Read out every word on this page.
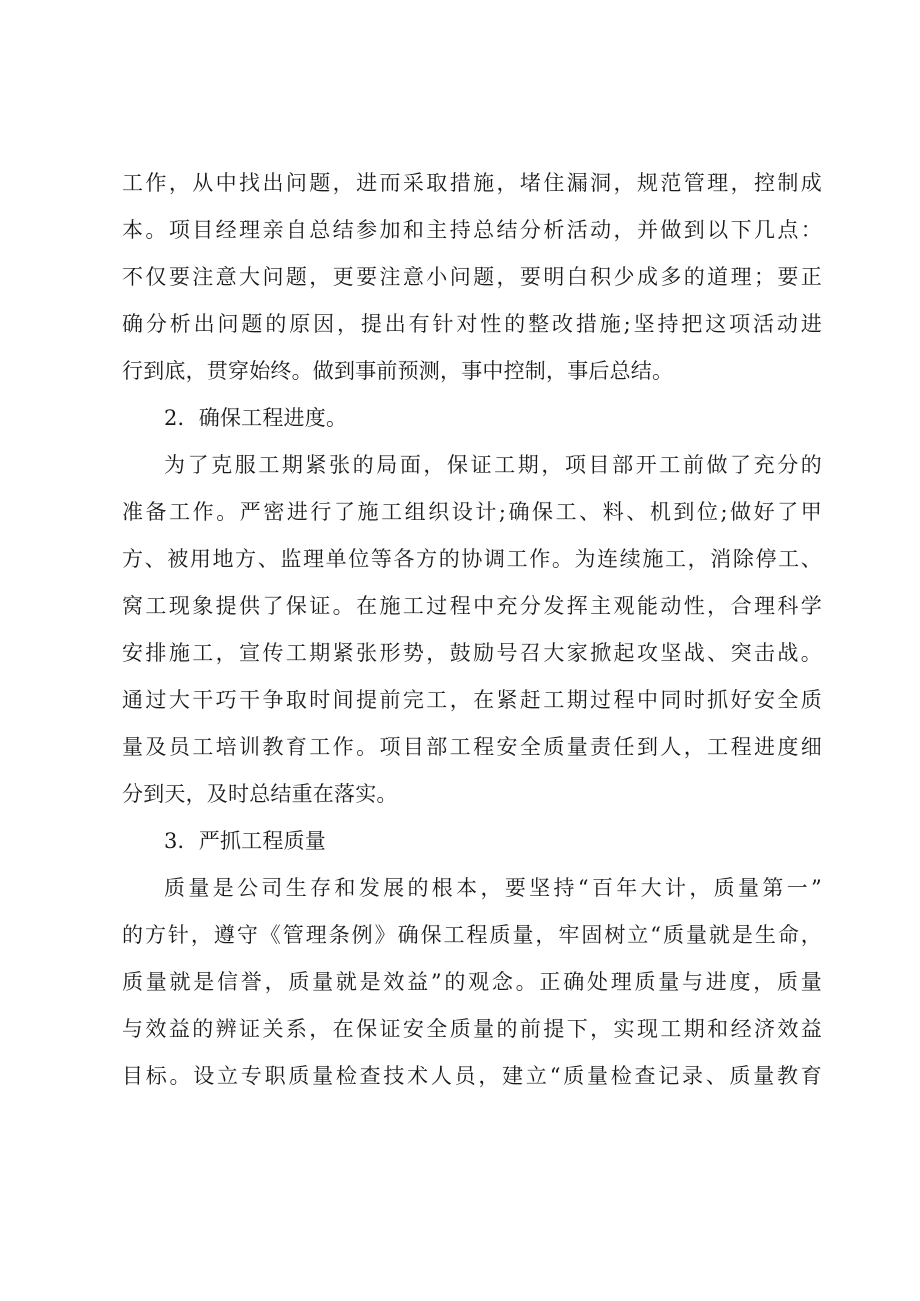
工作，从中找出问题，进而采取措施，堵住漏洞，规范管理，控制成
本。项目经理亲自总结参加和主持总结分析活动，并做到以下几点：
不仅要注意大问题，更要注意小问题，要明白积少成多的道理；要正
确分析出问题的原因，提出有针对性的整改措施;坚持把这项活动进
行到底，贯穿始终。做到事前预测，事中控制，事后总结。
2．确保工程进度。
为了克服工期紧张的局面，保证工期，项目部开工前做了充分的
准备工作。严密进行了施工组织设计;确保工、料、机到位;做好了甲
方、被用地方、监理单位等各方的协调工作。为连续施工，消除停工、
窝工现象提供了保证。在施工过程中充分发挥主观能动性，合理科学
安排施工，宣传工期紧张形势，鼓励号召大家掀起攻坚战、突击战。
通过大干巧干争取时间提前完工，在紧赶工期过程中同时抓好安全质
量及员工培训教育工作。项目部工程安全质量责任到人，工程进度细
分到天，及时总结重在落实。
3．严抓工程质量
质量是公司生存和发展的根本，要坚持“百年大计，质量第一”
的方针，遵守《管理条例》确保工程质量，牢固树立“质量就是生命，
质量就是信誉，质量就是效益”的观念。正确处理质量与进度，质量
与效益的辨证关系，在保证安全质量的前提下，实现工期和经济效益
目标。设立专职质量检查技术人员，建立“质量检查记录、质量教育
